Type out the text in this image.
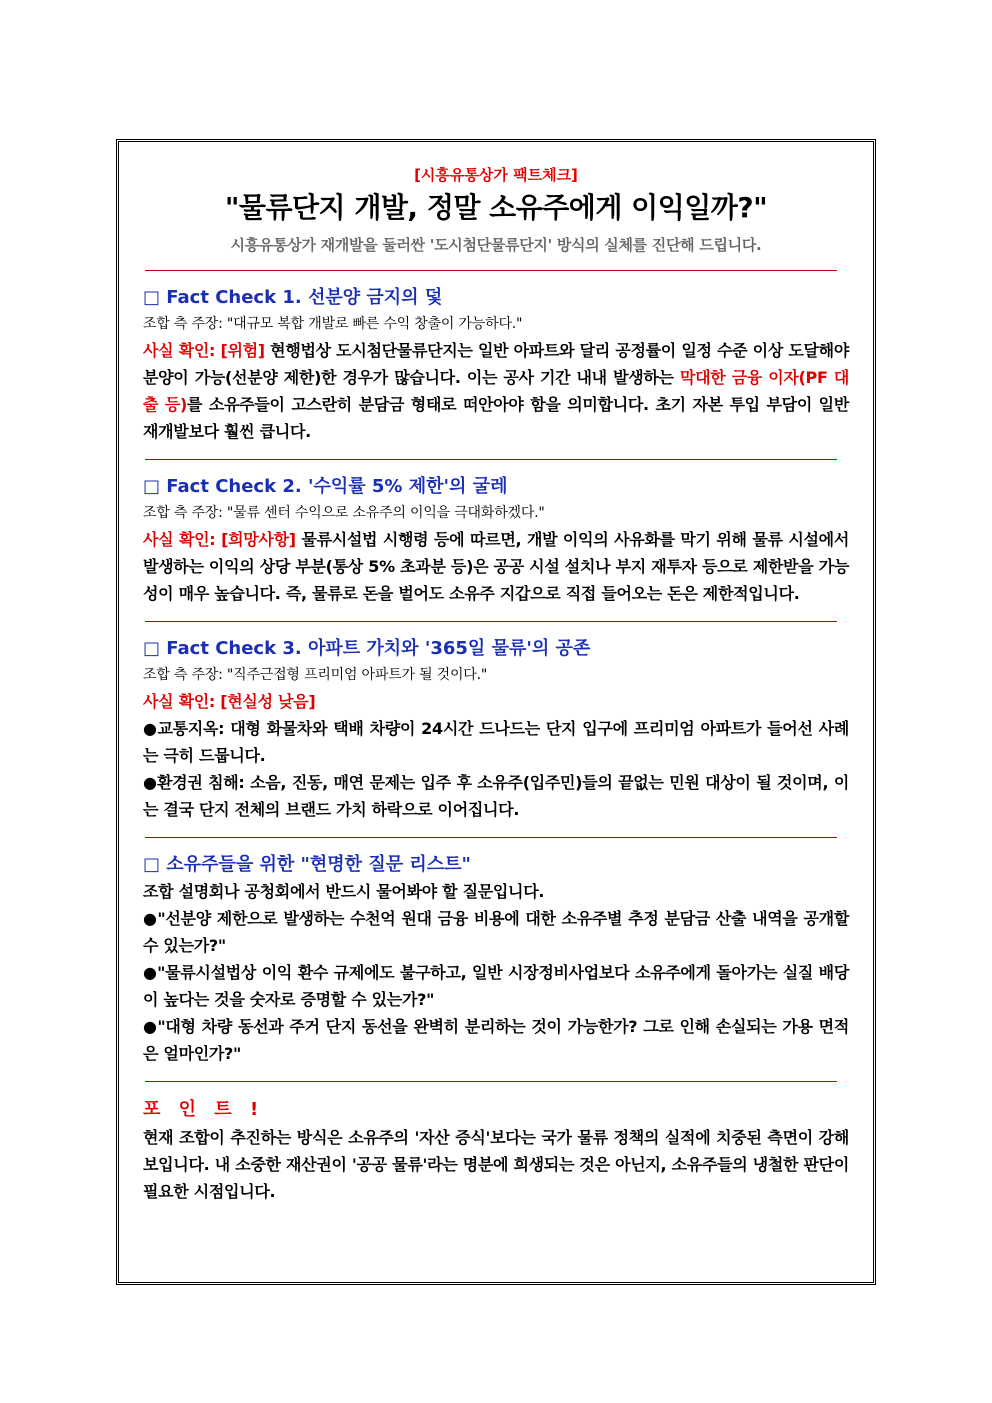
[시흥유통상가 팩트체크]
"물류단지 개발, 정말 소유주에게 이익일까?"
시흥유통상가 재개발을 둘러싼 '도시첨단물류단지' 방식의 실체를 진단해 드립니다.
□ Fact Check 1. 선분양 금지의 덫
조합 측 주장: "대규모 복합 개발로 빠른 수익 창출이 가능하다."
사실 확인: [위험] 현행법상 도시첨단물류단지는 일반 아파트와 달리 공정률이 일정 수준 이상 도달해야 분양이 가능(선분양 제한)한 경우가 많습니다. 이는 공사 기간 내내 발생하는 막대한 금융 이자(PF 대출 등)를 소유주들이 고스란히 분담금 형태로 떠안아야 함을 의미합니다. 초기 자본 투입 부담이 일반 재개발보다 훨씬 큽니다.
□ Fact Check 2. '수익률 5% 제한'의 굴레
조합 측 주장: "물류 센터 수익으로 소유주의 이익을 극대화하겠다."
사실 확인: [희망사항] 물류시설법 시행령 등에 따르면, 개발 이익의 사유화를 막기 위해 물류 시설에서 발생하는 이익의 상당 부분(통상 5% 초과분 등)은 공공 시설 설치나 부지 재투자 등으로 제한받을 가능성이 매우 높습니다. 즉, 물류로 돈을 벌어도 소유주 지갑으로 직접 들어오는 돈은 제한적입니다.
□ Fact Check 3. 아파트 가치와 '365일 물류'의 공존
조합 측 주장: "직주근접형 프리미엄 아파트가 될 것이다."
사실 확인: [현실성 낮음]
●교통지옥: 대형 화물차와 택배 차량이 24시간 드나드는 단지 입구에 프리미엄 아파트가 들어선 사례는 극히 드뭅니다.
●환경권 침해: 소음, 진동, 매연 문제는 입주 후 소유주(입주민)들의 끝없는 민원 대상이 될 것이며, 이는 결국 단지 전체의 브랜드 가치 하락으로 이어집니다.
□ 소유주들을 위한 "현명한 질문 리스트"
조합 설명회나 공청회에서 반드시 물어봐야 할 질문입니다.
●"선분양 제한으로 발생하는 수천억 원대 금융 비용에 대한 소유주별 추정 분담금 산출 내역을 공개할 수 있는가?"
●"물류시설법상 이익 환수 규제에도 불구하고, 일반 시장정비사업보다 소유주에게 돌아가는 실질 배당이 높다는 것을 숫자로 증명할 수 있는가?"
●"대형 차량 동선과 주거 단지 동선을 완벽히 분리하는 것이 가능한가? 그로 인해 손실되는 가용 면적은 얼마인가?"
포 인 트 !
현재 조합이 추진하는 방식은 소유주의 '자산 증식'보다는 국가 물류 정책의 실적에 치중된 측면이 강해 보입니다. 내 소중한 재산권이 '공공 물류'라는 명분에 희생되는 것은 아닌지, 소유주들의 냉철한 판단이 필요한 시점입니다.
